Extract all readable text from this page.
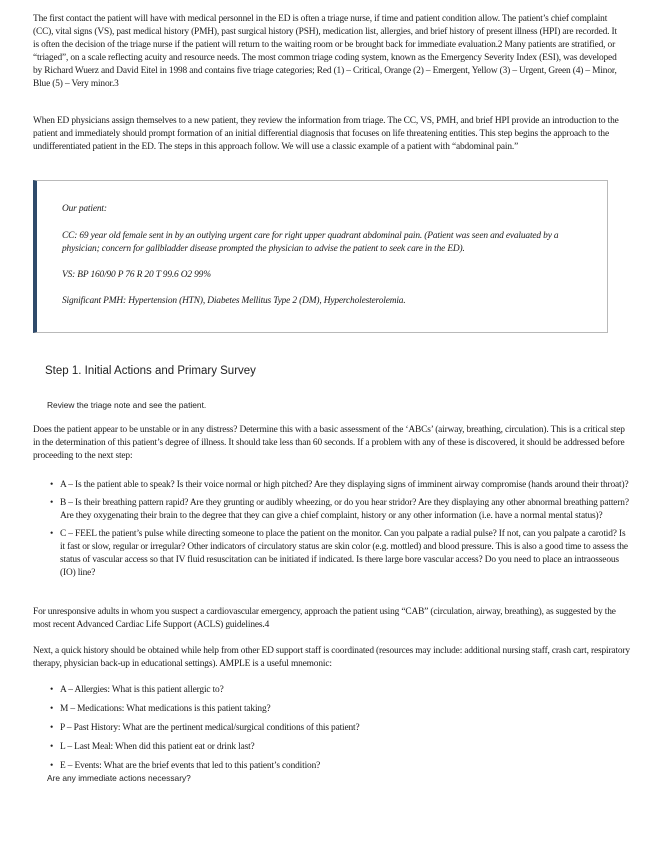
The first contact the patient will have with medical personnel in the ED is often a triage nurse, if time and patient condition allow. The patient’s chief complaint (CC), vital signs (VS), past medical history (PMH), past surgical history (PSH), medication list, allergies, and brief history of present illness (HPI) are recorded. It is often the decision of the triage nurse if the patient will return to the waiting room or be brought back for immediate evaluation.2 Many patients are stratified, or “triaged”, on a scale reflecting acuity and resource needs. The most common triage coding system, known as the Emergency Severity Index (ESI), was developed by Richard Wuerz and David Eitel in 1998 and contains five triage categories; Red (1) – Critical, Orange (2) – Emergent, Yellow (3) – Urgent, Green (4) – Minor, Blue (5) – Very minor.3

When ED physicians assign themselves to a new patient, they review the information from triage. The CC, VS, PMH, and brief HPI provide an introduction to the patient and immediately should prompt formation of an initial differential diagnosis that focuses on life threatening entities. This step begins the approach to the undifferentiated patient in the ED. The steps in this approach follow. We will use a classic example of a patient with “abdominal pain.”

Our patient:

CC: 69 year old female sent in by an outlying urgent care for right upper quadrant abdominal pain. (Patient was seen and evaluated by a physician; concern for gallbladder disease prompted the physician to advise the patient to seek care in the ED).

VS: BP 160/90 P 76 R 20 T 99.6 O2 99%

Significant PMH: Hypertension (HTN), Diabetes Mellitus Type 2 (DM), Hypercholesterolemia.

Step 1. Initial Actions and Primary Survey
Review the triage note and see the patient.

Does the patient appear to be unstable or in any distress? Determine this with a basic assessment of the ‘ABCs’ (airway, breathing, circulation). This is a critical step in the determination of this patient’s degree of illness. It should take less than 60 seconds. If a problem with any of these is discovered, it should be addressed before proceeding to the next step:

• A – Is the patient able to speak? Is their voice normal or high pitched? Are they displaying signs of imminent airway compromise (hands around their throat)?
• B – Is their breathing pattern rapid? Are they grunting or audibly wheezing, or do you hear stridor? Are they displaying any other abnormal breathing pattern? Are they oxygenating their brain to the degree that they can give a chief complaint, history or any other information (i.e. have a normal mental status)?
• C – FEEL the patient’s pulse while directing someone to place the patient on the monitor. Can you palpate a radial pulse? If not, can you palpate a carotid? Is it fast or slow, regular or irregular? Other indicators of circulatory status are skin color (e.g. mottled) and blood pressure. This is also a good time to assess the status of vascular access so that IV fluid resuscitation can be initiated if indicated. Is there large bore vascular access? Do you need to place an intraosseous (IO) line?

For unresponsive adults in whom you suspect a cardiovascular emergency, approach the patient using “CAB” (circulation, airway, breathing), as suggested by the most recent Advanced Cardiac Life Support (ACLS) guidelines.4

Next, a quick history should be obtained while help from other ED support staff is coordinated (resources may include: additional nursing staff, crash cart, respiratory therapy, physician back-up in educational settings). AMPLE is a useful mnemonic:

• A – Allergies: What is this patient allergic to?
• M – Medications: What medications is this patient taking?
• P – Past History: What are the pertinent medical/surgical conditions of this patient?
• L – Last Meal: When did this patient eat or drink last?
• E – Events: What are the brief events that led to this patient’s condition?
Are any immediate actions necessary?
